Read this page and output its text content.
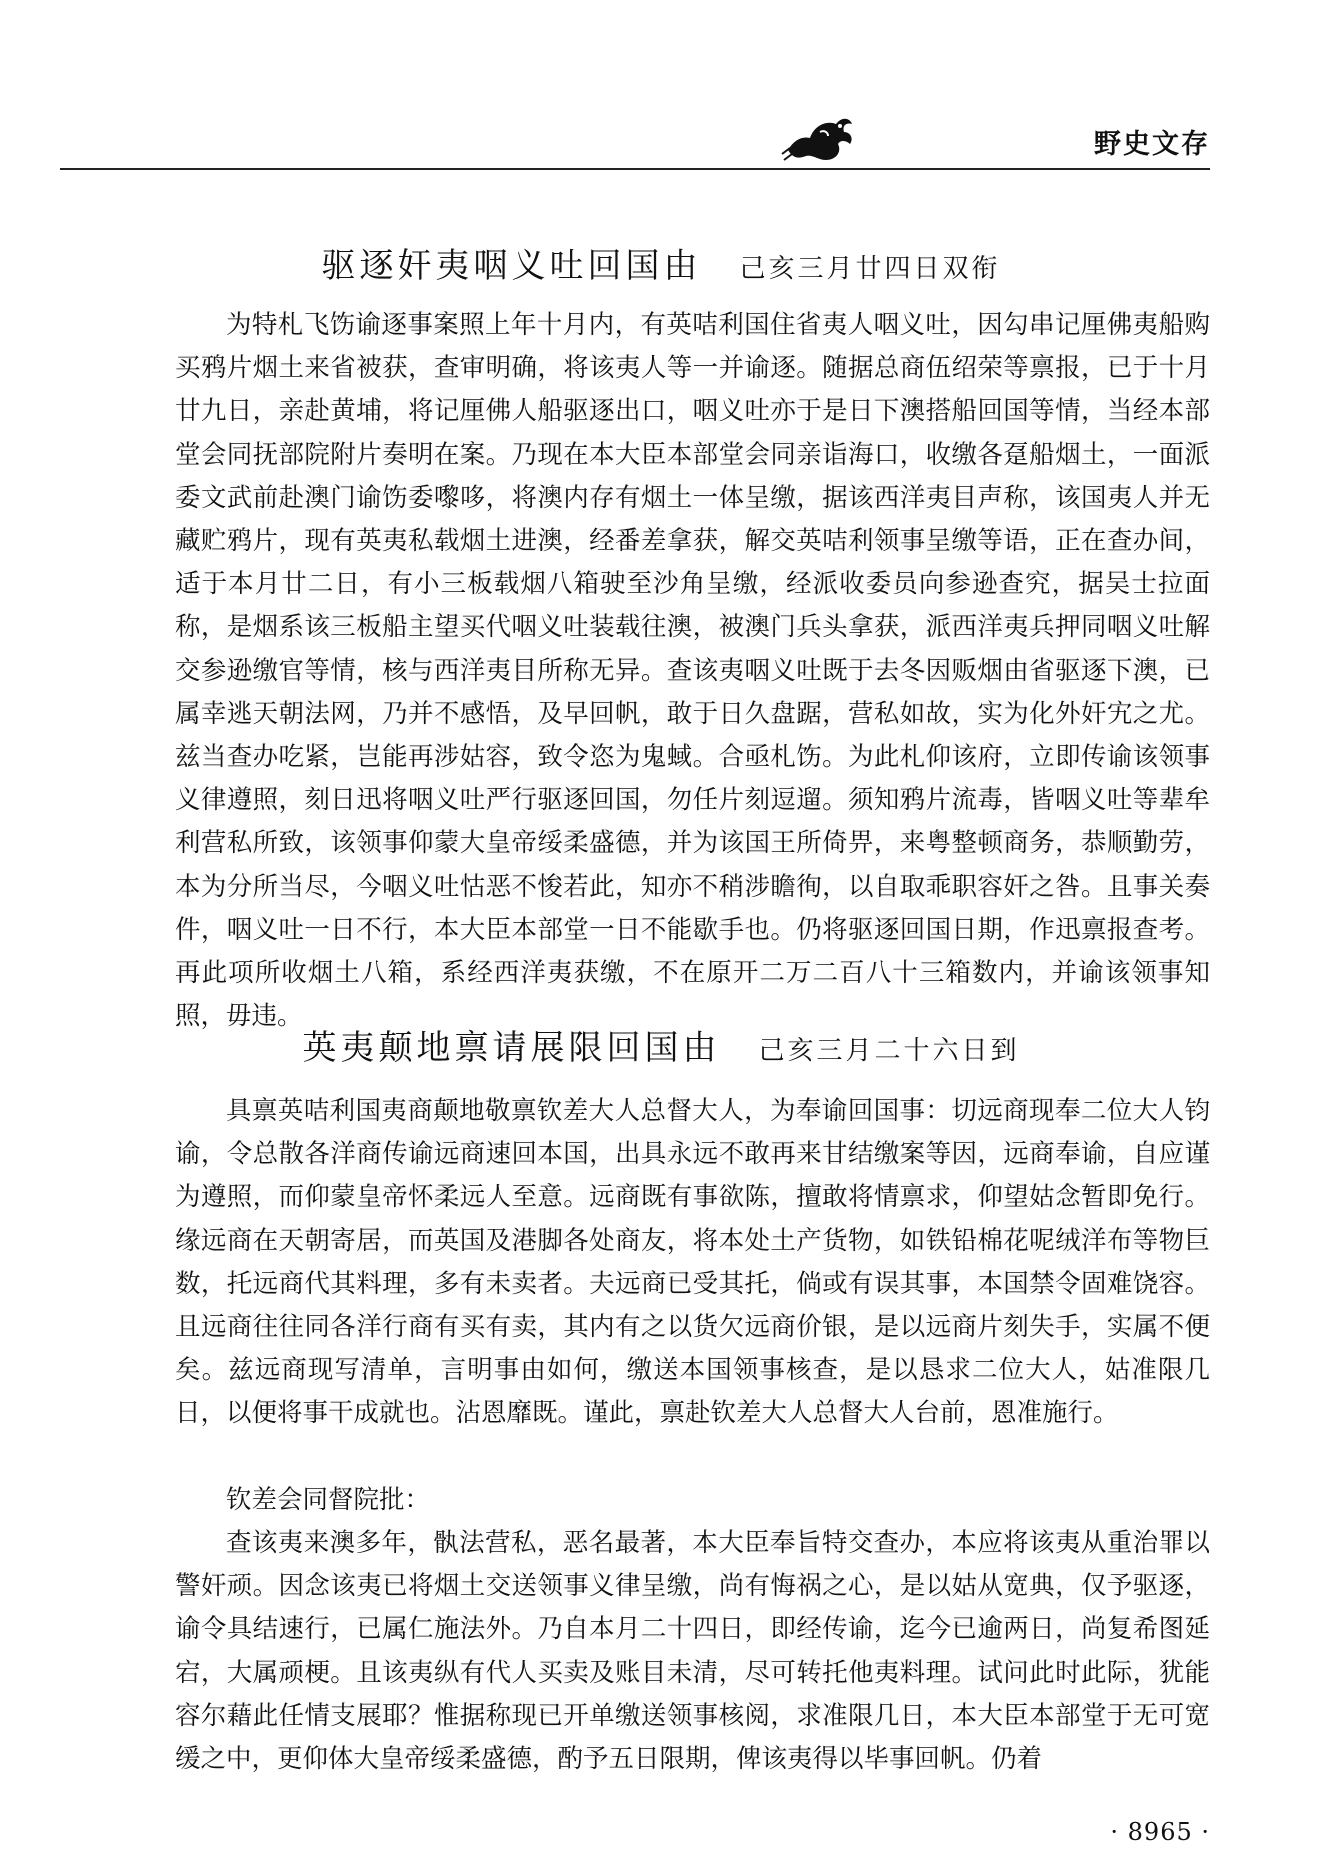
野史文存
驱逐奸夷咽义吐回国由 己亥三月廿四日双衔

为特札飞饬谕逐事案照上年十月内，有英咭利国住省夷人咽义吐，因勾串记厘佛夷船购买鸦片烟土来省被获，查审明确，将该夷人等一并谕逐。随据总商伍绍荣等禀报，已于十月廿九日，亲赴黄埔，将记厘佛人船驱逐出口，咽义吐亦于是日下澳搭船回国等情，当经本部堂会同抚部院附片奏明在案。乃现在本大臣本部堂会同亲诣海口，收缴各趸船烟土，一面派委文武前赴澳门谕饬委嚟哆，将澳内存有烟土一体呈缴，据该西洋夷目声称，该国夷人并无藏贮鸦片，现有英夷私载烟土进澳，经番差拿获，解交英咭利领事呈缴等语，正在查办间，适于本月廿二日，有小三板载烟八箱驶至沙角呈缴，经派收委员向参逊查究，据吴士拉面称，是烟系该三板船主望买代咽义吐装载往澳，被澳门兵头拿获，派西洋夷兵押同咽义吐解交参逊缴官等情，核与西洋夷目所称无异。查该夷咽义吐既于去冬因贩烟由省驱逐下澳，已属幸逃天朝法网，乃并不感悟，及早回帆，敢于日久盘踞，营私如故，实为化外奸宄之尤。兹当查办吃紧，岂能再涉姑容，致令恣为鬼蜮。合亟札饬。为此札仰该府，立即传谕该领事义律遵照，刻日迅将咽义吐严行驱逐回国，勿任片刻逗遛。须知鸦片流毒，皆咽义吐等辈牟利营私所致，该领事仰蒙大皇帝绥柔盛德，并为该国王所倚畀，来粤整顿商务，恭顺勤劳，本为分所当尽，今咽义吐怙恶不悛若此，知亦不稍涉瞻徇，以自取乖职容奸之咎。且事关奏件，咽义吐一日不行，本大臣本部堂一日不能歇手也。仍将驱逐回国日期，作迅禀报查考。再此项所收烟土八箱，系经西洋夷获缴，不在原开二万二百八十三箱数内，并谕该领事知照，毋违。

英夷颠地禀请展限回国由 己亥三月二十六日到

具禀英咭利国夷商颠地敬禀钦差大人总督大人，为奉谕回国事：切远商现奉二位大人钧谕，令总散各洋商传谕远商速回本国，出具永远不敢再来甘结缴案等因，远商奉谕，自应谨为遵照，而仰蒙皇帝怀柔远人至意。远商既有事欲陈，擅敢将情禀求，仰望姑念暂即免行。缘远商在天朝寄居，而英国及港脚各处商友，将本处土产货物，如铁铅棉花呢绒洋布等物巨数，托远商代其料理，多有未卖者。夫远商已受其托，倘或有误其事，本国禁令固难饶容。且远商往往同各洋行商有买有卖，其内有之以货欠远商价银，是以远商片刻失手，实属不便矣。兹远商现写清单，言明事由如何，缴送本国领事核查，是以恳求二位大人，姑准限几日，以便将事干成就也。沾恩靡既。谨此，禀赴钦差大人总督大人台前，恩准施行。

钦差会同督院批：

查该夷来澳多年，骫法营私，恶名最著，本大臣奉旨特交查办，本应将该夷从重治罪以警奸顽。因念该夷已将烟土交送领事义律呈缴，尚有悔祸之心，是以姑从宽典，仅予驱逐，谕令具结速行，已属仁施法外。乃自本月二十四日，即经传谕，迄今已逾两日，尚复希图延宕，大属顽梗。且该夷纵有代人买卖及账目未清，尽可转托他夷料理。试问此时此际，犹能容尔藉此任情支展耶？惟据称现已开单缴送领事核阅，求准限几日，本大臣本部堂于无可宽缓之中，更仰体大皇帝绥柔盛德，酌予五日限期，俾该夷得以毕事回帆。仍着

· 8965 ·
